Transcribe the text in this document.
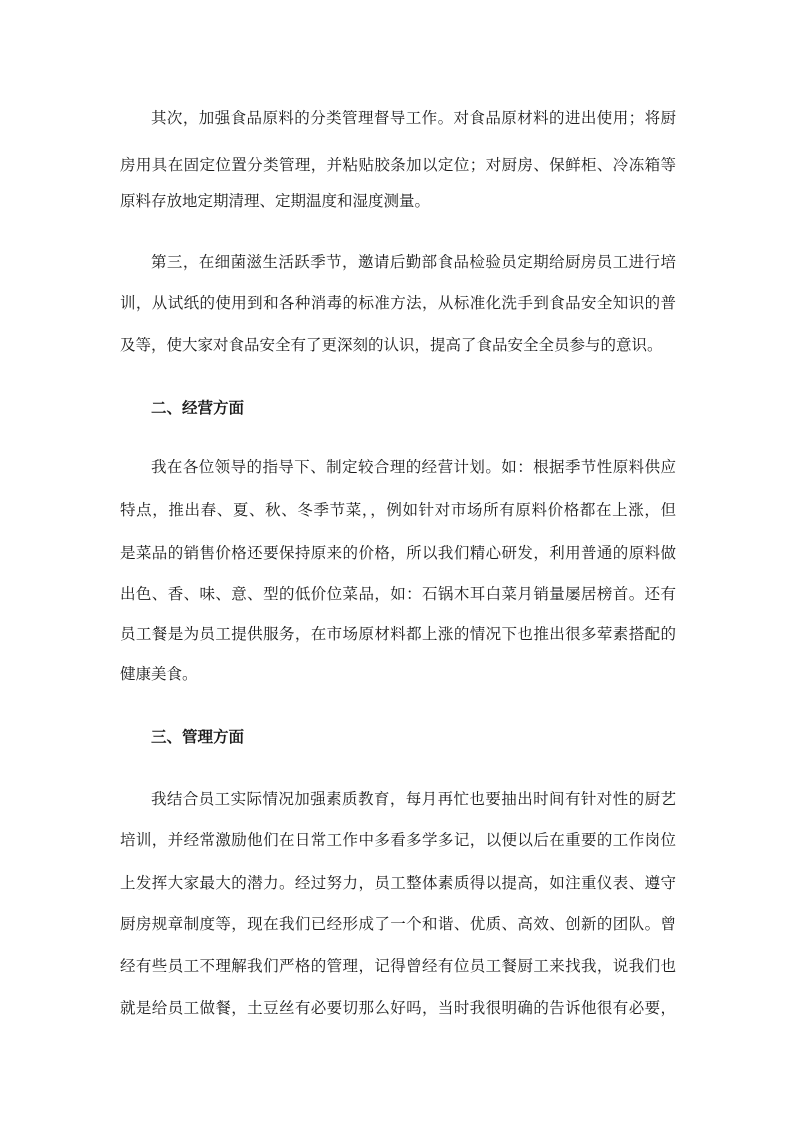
其次，加强食品原料的分类管理督导工作。对食品原材料的进出使用；将厨
房用具在固定位置分类管理，并粘贴胶条加以定位；对厨房、保鲜柜、冷冻箱等
原料存放地定期清理、定期温度和湿度测量。
第三，在细菌滋生活跃季节，邀请后勤部食品检验员定期给厨房员工进行培
训，从试纸的使用到和各种消毒的标准方法，从标准化洗手到食品安全知识的普
及等，使大家对食品安全有了更深刻的认识，提高了食品安全全员参与的意识。
二、经营方面
我在各位领导的指导下、制定较合理的经营计划。如：根据季节性原料供应
特点，推出春、夏、秋、冬季节菜，，例如针对市场所有原料价格都在上涨，但
是菜品的销售价格还要保持原来的价格，所以我们精心研发，利用普通的原料做
出色、香、味、意、型的低价位菜品，如：石锅木耳白菜月销量屡居榜首。还有
员工餐是为员工提供服务，在市场原材料都上涨的情况下也推出很多荤素搭配的
健康美食。
三、管理方面
我结合员工实际情况加强素质教育，每月再忙也要抽出时间有针对性的厨艺
培训，并经常激励他们在日常工作中多看多学多记，以便以后在重要的工作岗位
上发挥大家最大的潜力。经过努力，员工整体素质得以提高，如注重仪表、遵守
厨房规章制度等，现在我们已经形成了一个和谐、优质、高效、创新的团队。曾
经有些员工不理解我们严格的管理，记得曾经有位员工餐厨工来找我，说我们也
就是给员工做餐，土豆丝有必要切那么好吗，当时我很明确的告诉他很有必要，
